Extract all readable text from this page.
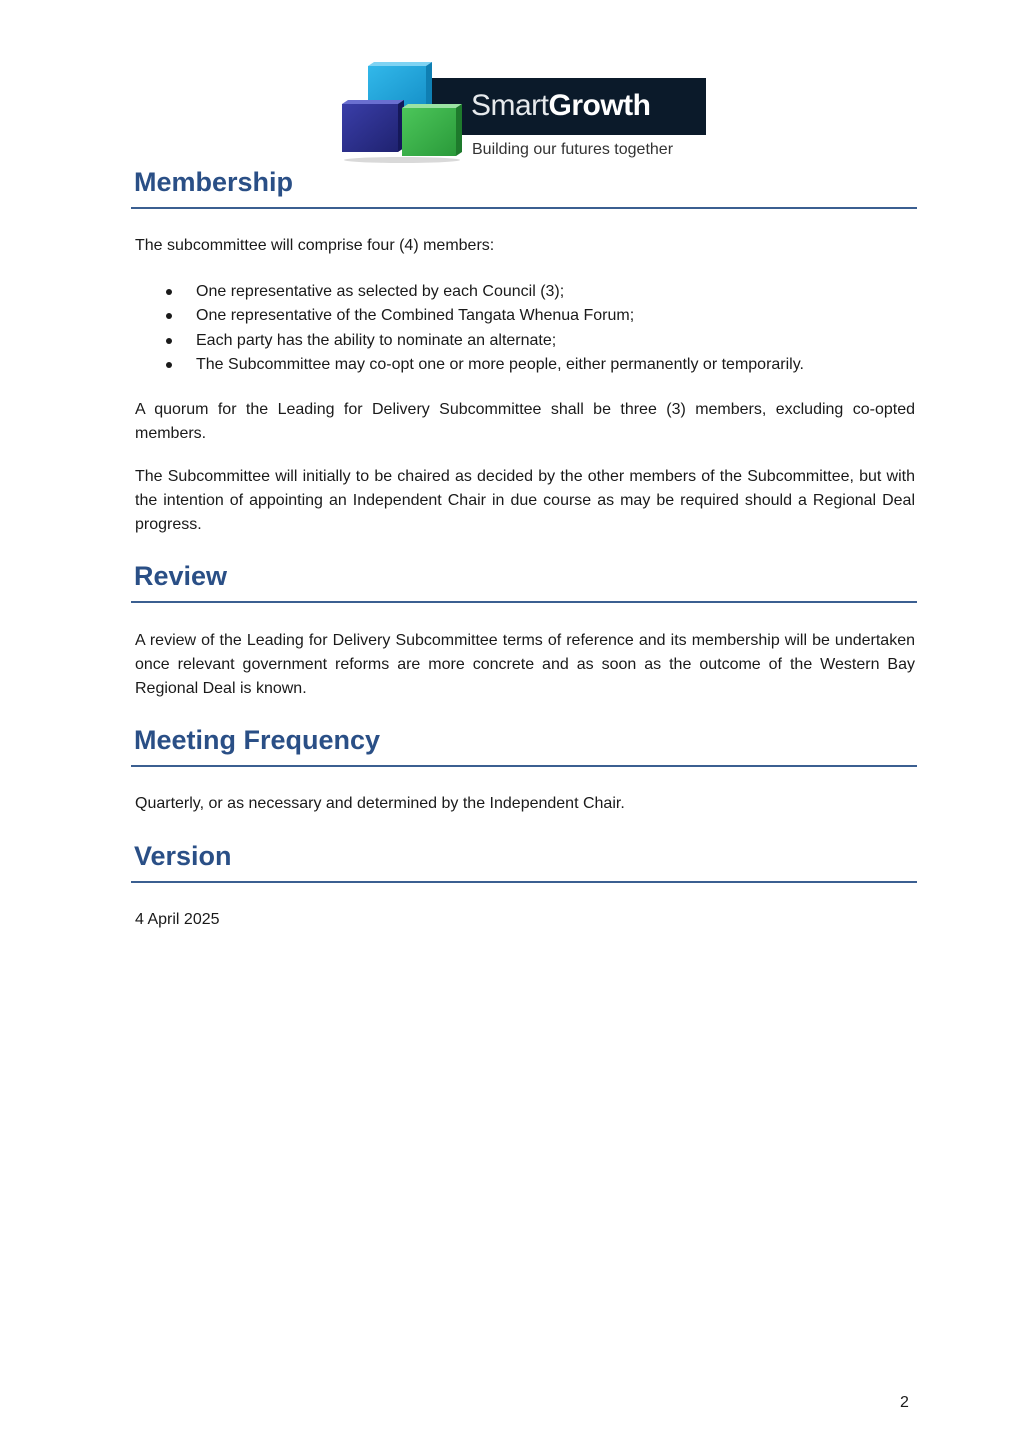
SmartGrowth
Building our futures together
Membership

The subcommittee will comprise four (4) members:

One representative as selected by each Council (3);
One representative of the Combined Tangata Whenua Forum;
Each party has the ability to nominate an alternate;
The Subcommittee may co-opt one or more people, either permanently or temporarily.

A quorum for the Leading for Delivery Subcommittee shall be three (3) members, excluding co-opted members.

The Subcommittee will initially to be chaired as decided by the other members of the Subcommittee, but with the intention of appointing an Independent Chair in due course as may be required should a Regional Deal progress.

Review

A review of the Leading for Delivery Subcommittee terms of reference and its membership will be undertaken once relevant government reforms are more concrete and as soon as the outcome of the Western Bay Regional Deal is known.

Meeting Frequency

Quarterly, or as necessary and determined by the Independent Chair.

Version

4 April 2025

2
